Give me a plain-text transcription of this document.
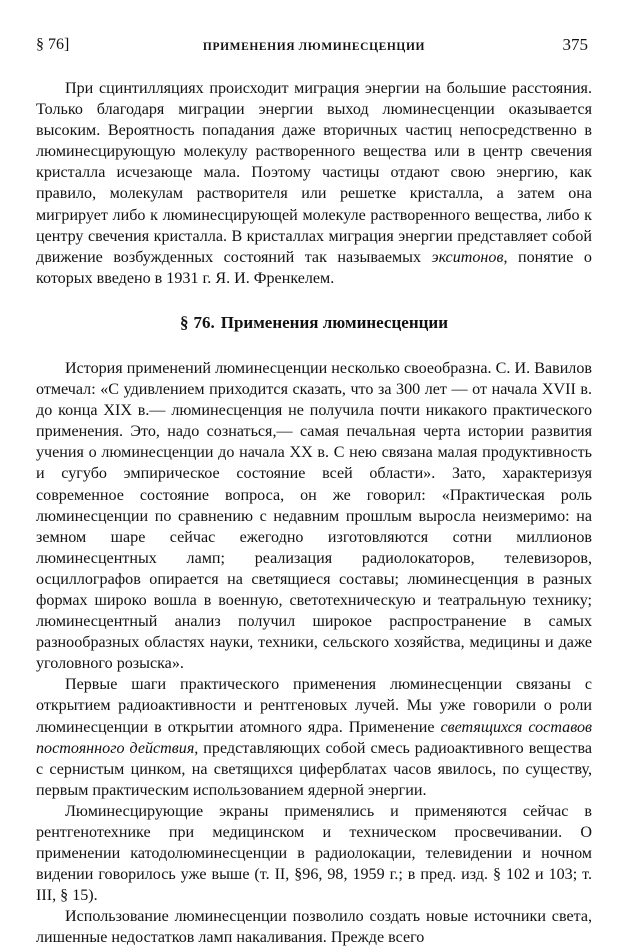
§ 76]	ПРИМЕНЕНИЯ ЛЮМИНЕСЦЕНЦИИ	375

При сцинтилляциях происходит миграция энергии на большие расстояния. Только благодаря миграции энергии выход люминесценции оказывается высоким. Вероятность попадания даже вторичных частиц непосредственно в люминесцирующую молекулу растворенного вещества или в центр свечения кристалла исчезающе мала. Поэтому частицы отдают свою энергию, как правило, молекулам растворителя или решетке кристалла, а затем она мигрирует либо к люминесцирующей молекуле растворенного вещества, либо к центру свечения кристалла. В кристаллах миграция энергии представляет собой движение возбужденных состояний так называемых экситонов, понятие о которых введено в 1931 г. Я. И. Френкелем.

§ 76. Применения люминесценции

История применений люминесценции несколько своеобразна. С. И. Вавилов отмечал: «С удивлением приходится сказать, что за 300 лет — от начала XVII в. до конца XIX в.— люминесценция не получила почти никакого практического применения. Это, надо сознаться,— самая печальная черта истории развития учения о люминесценции до начала XX в. С нею связана малая продуктивность и сугубо эмпирическое состояние всей области». Зато, характеризуя современное состояние вопроса, он же говорил: «Практическая роль люминесценции по сравнению с недавним прошлым выросла неизмеримо: на земном шаре сейчас ежегодно изготовляются сотни миллионов люминесцентных ламп; реализация радиолокаторов, телевизоров, осциллографов опирается на светящиеся составы; люминесценция в разных формах широко вошла в военную, светотехническую и театральную технику; люминесцентный анализ получил широкое распространение в самых разнообразных областях науки, техники, сельского хозяйства, медицины и даже уголовного розыска».

Первые шаги практического применения люминесценции связаны с открытием радиоактивности и рентгеновых лучей. Мы уже говорили о роли люминесценции в открытии атомного ядра. Применение светящихся составов постоянного действия, представляющих собой смесь радиоактивного вещества с сернистым цинком, на светящихся циферблатах часов явилось, по существу, первым практическим использованием ядерной энергии.

Люминесцирующие экраны применялись и применяются сейчас в рентгенотехнике при медицинском и техническом просвечивании. О применении катодолюминесценции в радиолокации, телевидении и ночном видении говорилось уже выше (т. II, §96, 98, 1959 г.; в пред. изд. § 102 и 103; т. III, § 15).

Использование люминесценции позволило создать новые источники света, лишенные недостатков ламп накаливания. Прежде всего
